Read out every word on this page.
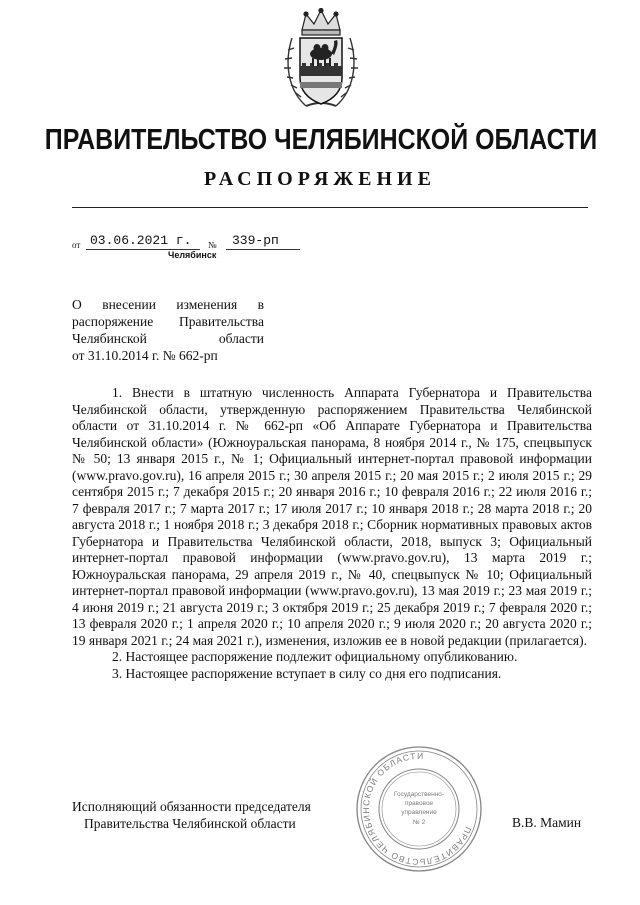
ПРАВИТЕЛЬСТВО ЧЕЛЯБИНСКОЙ ОБЛАСТИ
РАСПОРЯЖЕНИЕ
от 03.06.2021 г. № 339-рп
Челябинск
О внесении изменения в
распоряжение Правительства
Челябинской области
от 31.10.2014 г. № 662-рп

1. Внести в штатную численность Аппарата Губернатора и Правительства Челябинской области, утвержденную распоряжением Правительства Челябинской области от 31.10.2014 г. № 662-рп «Об Аппарате Губернатора и Правительства Челябинской области» (Южноуральская панорама, 8 ноября 2014 г., № 175, спецвыпуск № 50; 13 января 2015 г., № 1; Официальный интернет-портал правовой информации (www.pravo.gov.ru), 16 апреля 2015 г.; 30 апреля 2015 г.; 20 мая 2015 г.; 2 июля 2015 г.; 29 сентября 2015 г.; 7 декабря 2015 г.; 20 января 2016 г.; 10 февраля 2016 г.; 22 июля 2016 г.; 7 февраля 2017 г.; 7 марта 2017 г.; 17 июля 2017 г.; 10 января 2018 г.; 28 марта 2018 г.; 20 августа 2018 г.; 1 ноября 2018 г.; 3 декабря 2018 г.; Сборник нормативных правовых актов Губернатора и Правительства Челябинской области, 2018, выпуск 3; Официальный интернет-портал правовой информации (www.pravo.gov.ru), 13 марта 2019 г.; Южноуральская панорама, 29 апреля 2019 г., № 40, спецвыпуск № 10; Официальный интернет-портал правовой информации (www.pravo.gov.ru), 13 мая 2019 г.; 23 мая 2019 г.; 4 июня 2019 г.; 21 августа 2019 г.; 3 октября 2019 г.; 25 декабря 2019 г.; 7 февраля 2020 г.; 13 февраля 2020 г.; 1 апреля 2020 г.; 10 апреля 2020 г.; 9 июля 2020 г.; 20 августа 2020 г.; 19 января 2021 г.; 24 мая 2021 г.), изменения, изложив ее в новой редакции (прилагается).

2. Настоящее распоряжение подлежит официальному опубликованию.

3. Настоящее распоряжение вступает в силу со дня его подписания.

Исполняющий обязанности председателя
Правительства Челябинской области	В.В. Мамин
ПРАВИТЕЛЬСТВО ЧЕЛЯБИНСКОЙ ОБЛАСТИ
Государственно-
правовое
управление
№ 2
